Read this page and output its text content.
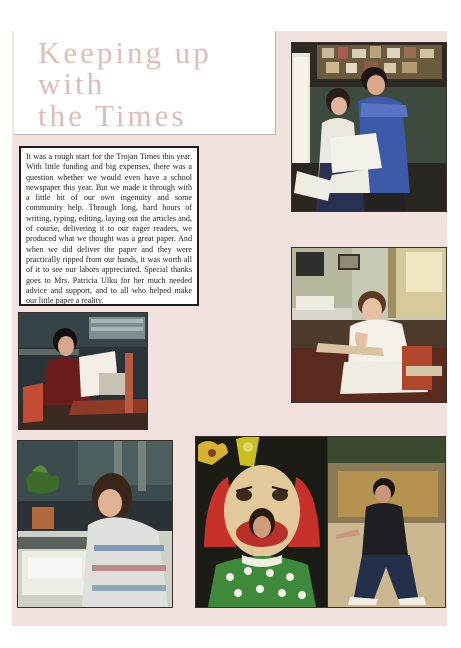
Keeping up
with
the Times

It was a rough start for the Trojan Times this year. With little funding and big expenses, there was a question whether we would even have a school newspaper this year. But we made it through with a little bit of our own ingenuity and some community help. Through long, hard hours of writing, typing, editing, laying out the articles and, of course, delivering it to our eager readers, we produced what we thought was a great paper. And when we did deliver the paper and they were practically ripped from our hands, it was worth all of it to see our labors appreciated. Special thanks goes to Mrs. Patricia Ulku for her much needed advice and support, and to all who helped make our little paper a reality.
